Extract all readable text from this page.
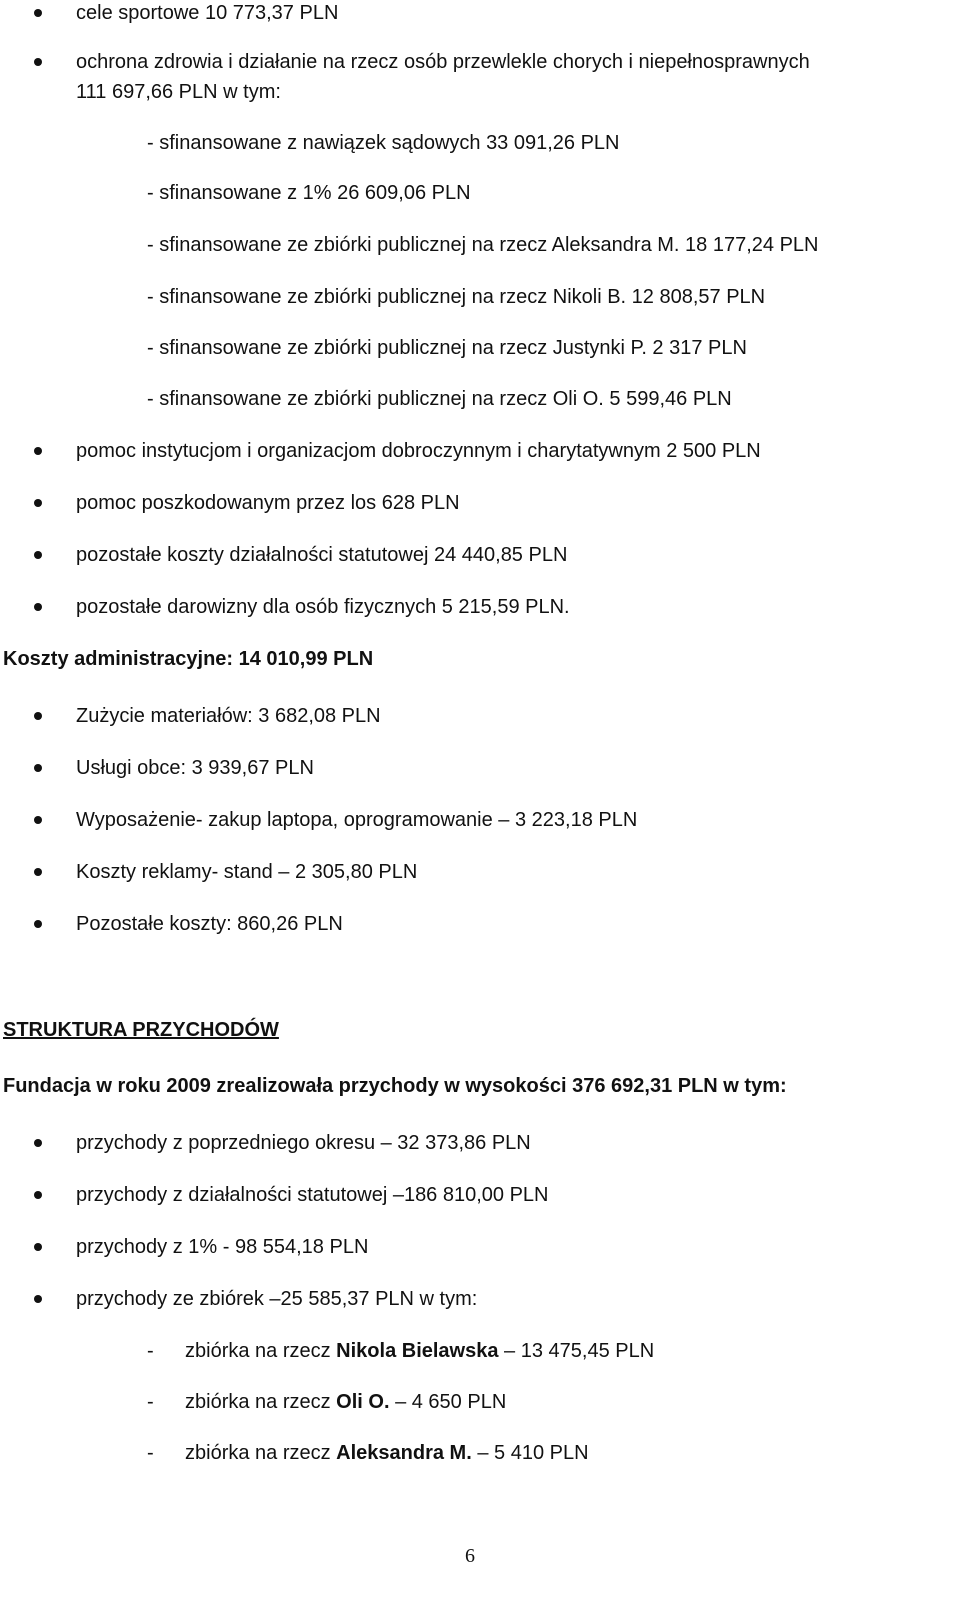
cele sportowe 10 773,37 PLN
ochrona zdrowia i działanie na rzecz osób przewlekle chorych i niepełnosprawnych
111 697,66 PLN w tym:
- sfinansowane z nawiązek sądowych 33 091,26 PLN
- sfinansowane z 1% 26 609,06 PLN
- sfinansowane ze zbiórki publicznej na rzecz Aleksandra M. 18 177,24 PLN
- sfinansowane ze zbiórki publicznej na rzecz Nikoli B. 12 808,57 PLN
- sfinansowane ze zbiórki publicznej na rzecz Justynki P. 2 317 PLN
- sfinansowane ze zbiórki publicznej na rzecz Oli O. 5 599,46 PLN
pomoc instytucjom i organizacjom dobroczynnym i charytatywnym 2 500 PLN
pomoc poszkodowanym przez los 628 PLN
pozostałe koszty działalności statutowej 24 440,85 PLN
pozostałe darowizny dla osób fizycznych 5 215,59 PLN.
Koszty administracyjne: 14 010,99 PLN
Zużycie materiałów: 3 682,08 PLN
Usługi obce: 3 939,67 PLN
Wyposażenie- zakup laptopa, oprogramowanie – 3 223,18 PLN
Koszty reklamy- stand – 2 305,80 PLN
Pozostałe koszty: 860,26 PLN
STRUKTURA PRZYCHODÓW
Fundacja w roku 2009 zrealizowała przychody w wysokości 376 692,31 PLN w tym:
przychody z poprzedniego okresu – 32 373,86 PLN
przychody z działalności statutowej –186 810,00 PLN
przychody z 1% - 98 554,18 PLN
przychody ze zbiórek –25 585,37 PLN w tym:
- zbiórka na rzecz Nikola Bielawska – 13 475,45 PLN
- zbiórka na rzecz Oli O. – 4 650 PLN
- zbiórka na rzecz Aleksandra M. – 5 410 PLN
6
